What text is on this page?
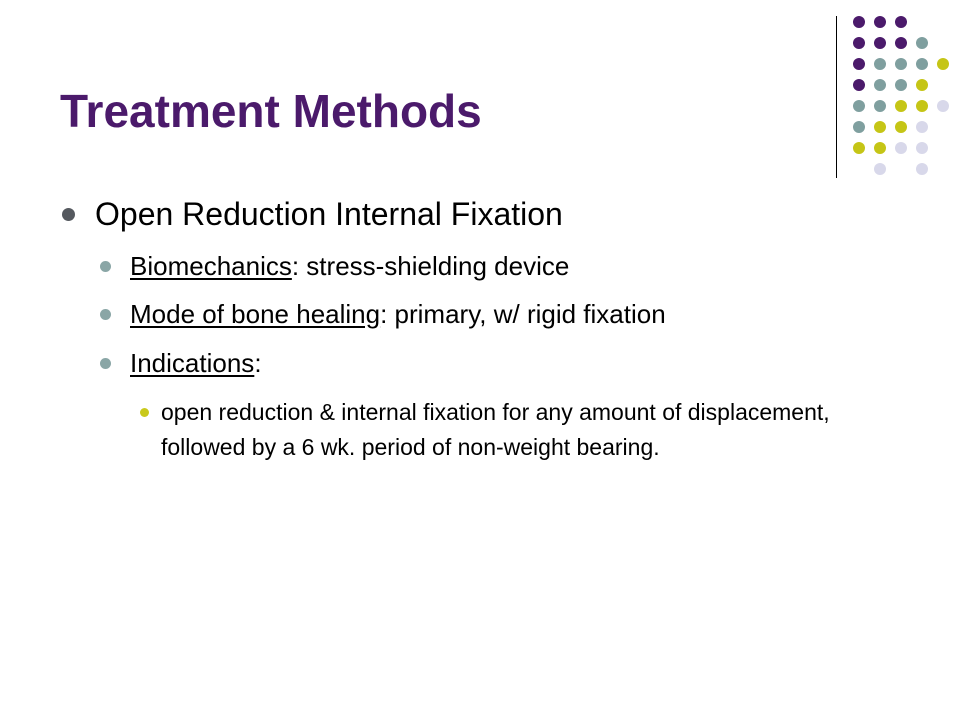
Treatment Methods
Open Reduction Internal Fixation
Biomechanics: stress-shielding device
Mode of bone healing: primary, w/ rigid fixation
Indications:
open reduction & internal fixation for any amount of displacement, followed by a 6 wk. period of non-weight bearing.
